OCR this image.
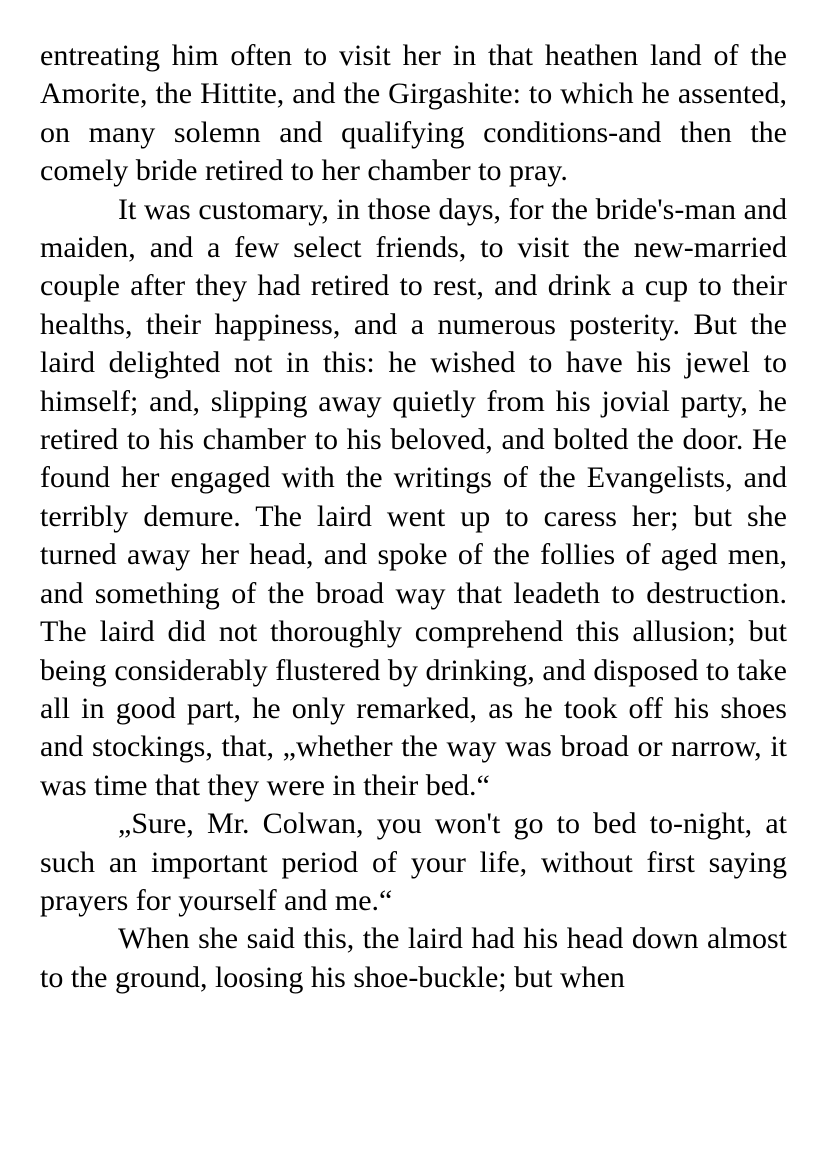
entreating him often to visit her in that heathen land of the Amorite, the Hittite, and the Girgashite: to which he assented, on many solemn and qualifying conditions-and then the comely bride retired to her chamber to pray.

It was customary, in those days, for the bride's-man and maiden, and a few select friends, to visit the new-married couple after they had retired to rest, and drink a cup to their healths, their happiness, and a numerous posterity. But the laird delighted not in this: he wished to have his jewel to himself; and, slipping away quietly from his jovial party, he retired to his chamber to his beloved, and bolted the door. He found her engaged with the writings of the Evangelists, and terribly demure. The laird went up to caress her; but she turned away her head, and spoke of the follies of aged men, and something of the broad way that leadeth to destruction. The laird did not thoroughly comprehend this allusion; but being considerably flustered by drinking, and disposed to take all in good part, he only remarked, as he took off his shoes and stockings, that, „whether the way was broad or narrow, it was time that they were in their bed.“

„Sure, Mr. Colwan, you won't go to bed to-night, at such an important period of your life, without first saying prayers for yourself and me.“

When she said this, the laird had his head down almost to the ground, loosing his shoe-buckle; but when
